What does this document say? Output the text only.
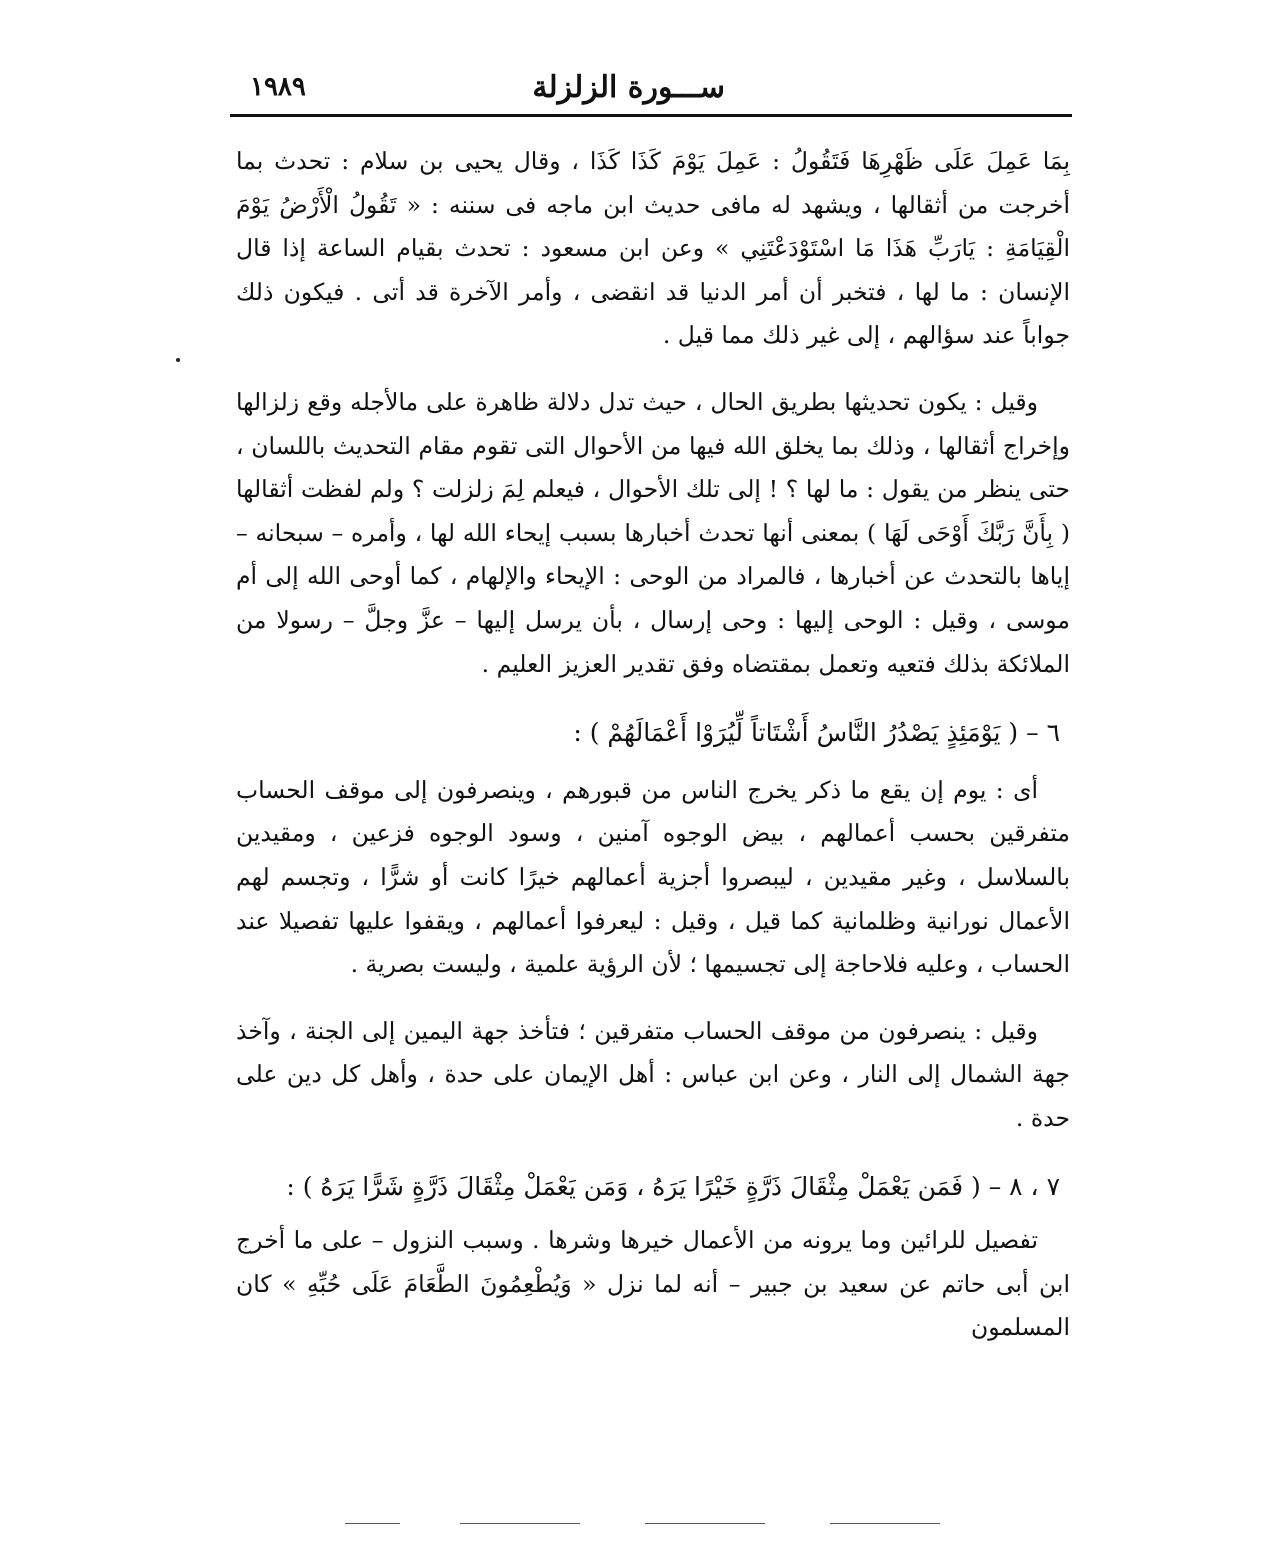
ســـورة الزلزلة
١٩٨٩

بِمَا عَمِلَ عَلَى ظَهْرِهَا فَتَقُولُ : عَمِلَ يَوْمَ كَذَا كَذَا ، وقال يحيى بن سلام : تحدث بما أخرجت من أثقالها ، ويشهد له مافى حديث ابن ماجه فى سننه : « تَقُولُ الْأَرْضُ يَوْمَ الْقِيَامَةِ : يَارَبِّ هَذَا مَا اسْتَوْدَعْتَنِي » وعن ابن مسعود : تحدث بقيام الساعة إذا قال الإنسان : ما لها ، فتخبر أن أمر الدنيا قد انقضى ، وأمر الآخرة قد أتى . فيكون ذلك جواباً عند سؤالهم ، إلى غير ذلك مما قيل .

وقيل : يكون تحديثها بطريق الحال ، حيث تدل دلالة ظاهرة على مالأجله وقع زلزالها وإخراج أثقالها ، وذلك بما يخلق الله فيها من الأحوال التى تقوم مقام التحديث باللسان ، حتى ينظر من يقول : ما لها ؟ ! إلى تلك الأحوال ، فيعلم لِمَ زلزلت ؟ ولم لفظت أثقالها ( بِأَنَّ رَبَّكَ أَوْحَى لَهَا ) بمعنى أنها تحدث أخبارها بسبب إيحاء الله لها ، وأمره – سبحانه – إياها بالتحدث عن أخبارها ، فالمراد من الوحى : الإيحاء والإلهام ، كما أوحى الله إلى أم موسى ، وقيل : الوحى إليها : وحى إرسال ، بأن يرسل إليها – عزَّ وجلَّ – رسولا من الملائكة بذلك فتعيه وتعمل بمقتضاه وفق تقدير العزيز العليم .

٦ – ( يَوْمَئِذٍ يَصْدُرُ النَّاسُ أَشْتَاتاً لِّيُرَوْا أَعْمَالَهُمْ ) :

أى : يوم إن يقع ما ذكر يخرج الناس من قبورهم ، وينصرفون إلى موقف الحساب متفرقين بحسب أعمالهم ، بيض الوجوه آمنين ، وسود الوجوه فزعين ، ومقيدين بالسلاسل ، وغير مقيدين ، ليبصروا أجزية أعمالهم خيرًا كانت أو شرًّا ، وتجسم لهم الأعمال نورانية وظلمانية كما قيل ، وقيل : ليعرفوا أعمالهم ، ويقفوا عليها تفصيلا عند الحساب ، وعليه فلاحاجة إلى تجسيمها ؛ لأن الرؤية علمية ، وليست بصرية .

وقيل : ينصرفون من موقف الحساب متفرقين ؛ فتأخذ جهة اليمين إلى الجنة ، وآخذ جهة الشمال إلى النار ، وعن ابن عباس : أهل الإيمان على حدة ، وأهل كل دين على حدة .

٧ ، ٨ – ( فَمَن يَعْمَلْ مِثْقَالَ ذَرَّةٍ خَيْرًا يَرَهُ ، وَمَن يَعْمَلْ مِثْقَالَ ذَرَّةٍ شَرًّا يَرَهُ ) :

تفصيل للرائين وما يرونه من الأعمال خيرها وشرها . وسبب النزول – على ما أخرج ابن أبى حاتم عن سعيد بن جبير – أنه لما نزل « وَيُطْعِمُونَ الطَّعَامَ عَلَى حُبِّهِ » كان المسلمون
